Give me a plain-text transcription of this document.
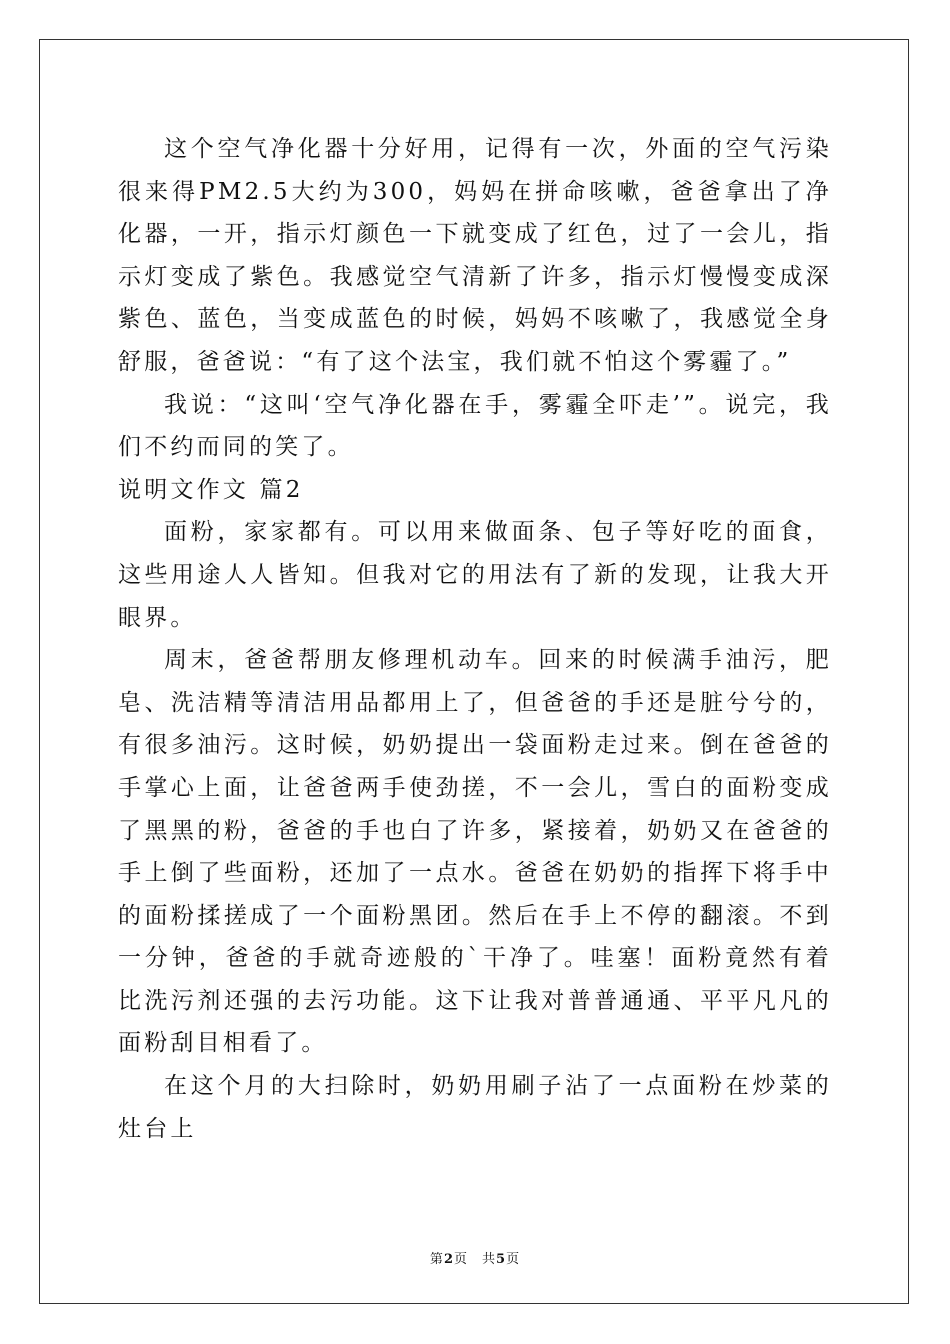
这个空气净化器十分好用，记得有一次，外面的空气污染很来得PM2.5大约为300，妈妈在拼命咳嗽，爸爸拿出了净化器，一开，指示灯颜色一下就变成了红色，过了一会儿，指示灯变成了紫色。我感觉空气清新了许多，指示灯慢慢变成深紫色、蓝色，当变成蓝色的时候，妈妈不咳嗽了，我感觉全身舒服，爸爸说：“有了这个法宝，我们就不怕这个雾霾了。”

我说：“这叫‘空气净化器在手，雾霾全吓走’”。说完，我们不约而同的笑了。

说明文作文 篇2

面粉，家家都有。可以用来做面条、包子等好吃的面食，这些用途人人皆知。但我对它的用法有了新的发现，让我大开眼界。

周末，爸爸帮朋友修理机动车。回来的时候满手油污，肥皂、洗洁精等清洁用品都用上了，但爸爸的手还是脏兮兮的，有很多油污。这时候，奶奶提出一袋面粉走过来。倒在爸爸的手掌心上面，让爸爸两手使劲搓，不一会儿，雪白的面粉变成了黑黑的粉，爸爸的手也白了许多，紧接着，奶奶又在爸爸的手上倒了些面粉，还加了一点水。爸爸在奶奶的指挥下将手中的面粉揉搓成了一个面粉黑团。然后在手上不停的翻滚。不到一分钟，爸爸的手就奇迹般的`干净了。哇塞！面粉竟然有着比洗污剂还强的去污功能。这下让我对普普通通、平平凡凡的面粉刮目相看了。

在这个月的大扫除时，奶奶用刷子沾了一点面粉在炒菜的灶台上

第2页 共5页
